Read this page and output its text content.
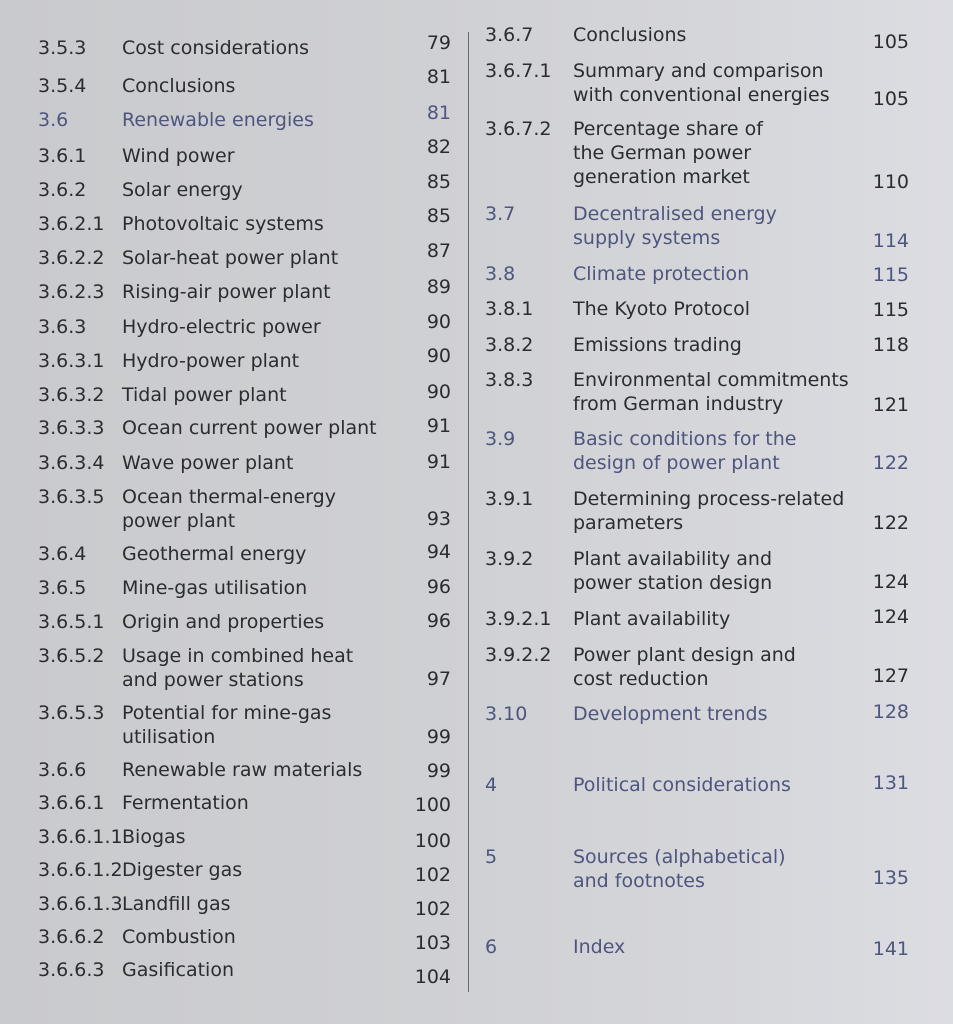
3.5.3 Cost considerations	79
3.5.4 Conclusions	81
3.6	Renewable energies	81
3.6.1 Wind power	82
3.6.2 Solar energy	85
3.6.2.1 Photovoltaic systems	85
3.6.2.2 Solar-heat power plant	87
3.6.2.3 Rising-air power plant	89
3.6.3 Hydro-electric power	90
3.6.3.1 Hydro-power plant	90
3.6.3.2 Tidal power plant	90
3.6.3.3 Ocean current power plant	91
3.6.3.4 Wave power plant	91
3.6.3.5 Ocean thermal-energy
power plant	93
3.6.4 Geothermal energy	94
3.6.5 Mine-gas utilisation	96
3.6.5.1 Origin and properties	96
3.6.5.2 Usage in combined heat
and power stations	97
3.6.5.3 Potential for mine-gas
utilisation	99
3.6.6 Renewable raw materials	99
3.6.6.1 Fermentation	100
3.6.6.1.1 Biogas	100
3.6.6.1.2 Digester gas	102
3.6.6.1.3 Landfill gas	102
3.6.6.2 Combustion	103
3.6.6.3 Gasification	104
3.6.7 Conclusions	105
3.6.7.1 Summary and comparison
with conventional energies 105
3.6.7.2 Percentage share of
the German power
generation market	110
3.7	Decentralised energy
supply systems	114
3.8	Climate protection	115
3.8.1 The Kyoto Protocol	115
3.8.2 Emissions trading	118
3.8.3 Environmental commitments
from German industry	121
3.9	Basic conditions for the
design of power plant	122
3.9.1 Determining process-related
parameters	122
3.9.2 Plant availability and
power station design	124
3.9.2.1 Plant availability	124
3.9.2.2 Power plant design and
cost reduction	127
3.10 Development trends	128
4	Political considerations	131
5	Sources (alphabetical)
and footnotes	135
6	Index	141
